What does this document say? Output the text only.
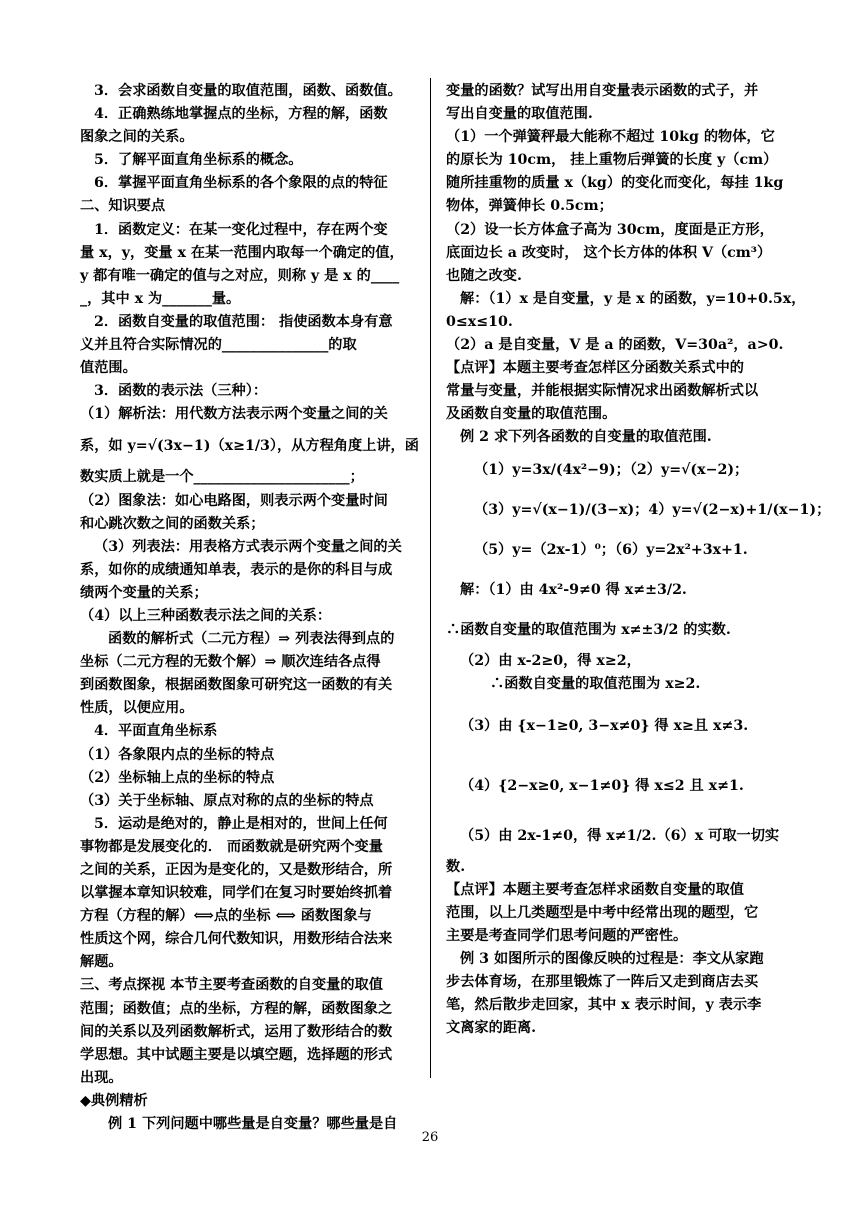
3．会求函数自变量的取值范围，函数、函数值。
4．正确熟练地掌握点的坐标，方程的解，函数
图象之间的关系。
5．了解平面直角坐标系的概念。
6．掌握平面直角坐标系的各个象限的点的特征
二、知识要点
1．函数定义：在某一变化过程中，存在两个变
量 x，y，变量 x 在某一范围内取每一个确定的值，
y 都有唯一确定的值与之对应，则称 y 是 x 的____
_，其中 x 为_______量。
2．函数自变量的取值范围： 指使函数本身有意
义并且符合实际情况的_______________的取
值范围。
3．函数的表示法（三种）：
（1）解析法：用代数方法表示两个变量之间的关
系，如 y=√(3x−1)（x≥1/3），从方程角度上讲，函
数实质上就是一个______________________；
（2）图象法：如心电路图，则表示两个变量时间
和心跳次数之间的函数关系；
（3）列表法：用表格方式表示两个变量之间的关
系，如你的成绩通知单表，表示的是你的科目与成
绩两个变量的关系；
（4）以上三种函数表示法之间的关系：
函数的解析式（二元方程）⇒ 列表法得到点的
坐标（二元方程的无数个解）⇒ 顺次连结各点得
到函数图象，根据函数图象可研究这一函数的有关
性质，以便应用。
4．平面直角坐标系
（1）各象限内点的坐标的特点
（2）坐标轴上点的坐标的特点
（3）关于坐标轴、原点对称的点的坐标的特点
5．运动是绝对的，静止是相对的，世间上任何
事物都是发展变化的． 而函数就是研究两个变量
之间的关系，正因为是变化的，又是数形结合，所
以掌握本章知识较难，同学们在复习时要始终抓着
方程（方程的解）⟺点的坐标 ⟺ 函数图象与
性质这个网，综合几何代数知识，用数形结合法来
解题。
三、考点探视 本节主要考查函数的自变量的取值
范围；函数值；点的坐标，方程的解，函数图象之
间的关系以及列函数解析式，运用了数形结合的数
学思想。其中试题主要是以填空题，选择题的形式
出现。
◆典例精析
例 1 下列问题中哪些量是自变量？哪些量是自
变量的函数？试写出用自变量表示函数的式子，并
写出自变量的取值范围.
（1）一个弹簧秤最大能称不超过 10kg 的物体，它
的原长为 10cm， 挂上重物后弹簧的长度 y（cm）
随所挂重物的质量 x（kg）的变化而变化，每挂 1kg
物体，弹簧伸长 0.5cm；
（2）设一长方体盒子高为 30cm，度面是正方形，
底面边长 a 改变时， 这个长方体的体积 V（cm³）
也随之改变.
解：（1）x 是自变量，y 是 x 的函数，y=10+0.5x，
0≤x≤10.
（2）a 是自变量，V 是 a 的函数，V=30a²，a>0.
【点评】本题主要考查怎样区分函数关系式中的
常量与变量，并能根据实际情况求出函数解析式以
及函数自变量的取值范围。
例 2 求下列各函数的自变量的取值范围.
（1）y=3x/(4x²−9)；（2）y=√(x−2)；
（3）y=√(x−1)/(3−x)；4）y=√(2−x)+1/(x−1)；
（5）y=（2x-1）⁰；（6）y=2x²+3x+1.
解：（1）由 4x²-9≠0 得 x≠±3/2.
∴函数自变量的取值范围为 x≠±3/2 的实数.
（2）由 x-2≥0，得 x≥2，
∴函数自变量的取值范围为 x≥2.
（3）由 {x−1≥0, 3−x≠0} 得 x≥且 x≠3.
（4）{2−x≥0, x−1≠0} 得 x≤2 且 x≠1.
（5）由 2x-1≠0，得 x≠1/2.（6）x 可取一切实
数.
【点评】本题主要考查怎样求函数自变量的取值
范围，以上几类题型是中考中经常出现的题型，它
主要是考查同学们思考问题的严密性。
例 3 如图所示的图像反映的过程是：李文从家跑
步去体育场，在那里锻炼了一阵后又走到商店去买
笔，然后散步走回家，其中 x 表示时间，y 表示李
文离家的距离.
26
